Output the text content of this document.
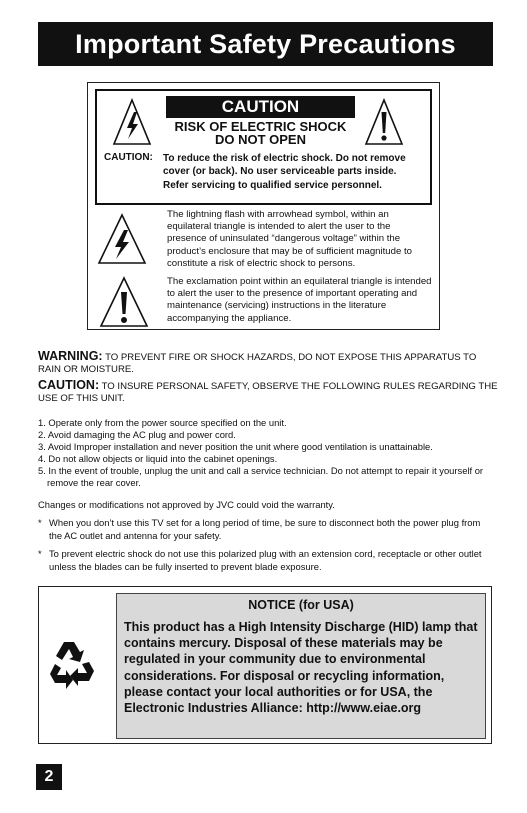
Important Safety Precautions
CAUTION
RISK OF ELECTRIC SHOCK
DO NOT OPEN
CAUTION: To reduce the risk of electric shock. Do not remove cover (or back). No user serviceable parts inside. Refer servicing to qualified service personnel.
The lightning flash with arrowhead symbol, within an equilateral triangle is intended to alert the user to the presence of uninsulated “dangerous voltage” within the product’s enclosure that may be of sufficient magnitude to constitute a risk of electric shock to persons.
The exclamation point within an equilateral triangle is intended to alert the user to the presence of important operating and maintenance (servicing) instructions in the literature accompanying the appliance.
WARNING: TO PREVENT FIRE OR SHOCK HAZARDS, DO NOT EXPOSE THIS APPARATUS TO RAIN OR MOISTURE.
CAUTION: TO INSURE PERSONAL SAFETY, OBSERVE THE FOLLOWING RULES REGARDING THE USE OF THIS UNIT.
1. Operate only from the power source specified on the unit.
2. Avoid damaging the AC plug and power cord.
3. Avoid Improper installation and never position the unit where good ventilation is unattainable.
4. Do not allow objects or liquid into the cabinet openings.
5. In the event of trouble, unplug the unit and call a service technician. Do not attempt to repair it yourself or remove the rear cover.
Changes or modifications not approved by JVC could void the warranty.
* When you don’t use this TV set for a long period of time, be sure to disconnect both the power plug from the AC outlet and antenna for your safety.
* To prevent electric shock do not use this polarized plug with an extension cord, receptacle or other outlet unless the blades can be fully inserted to prevent blade exposure.
NOTICE (for USA)
This product has a High Intensity Discharge (HID) lamp that contains mercury. Disposal of these materials may be regulated in your community due to environmental considerations. For disposal or recycling information, please contact your local authorities or for USA, the Electronic Industries Alliance: http://www.eiae.org
2
